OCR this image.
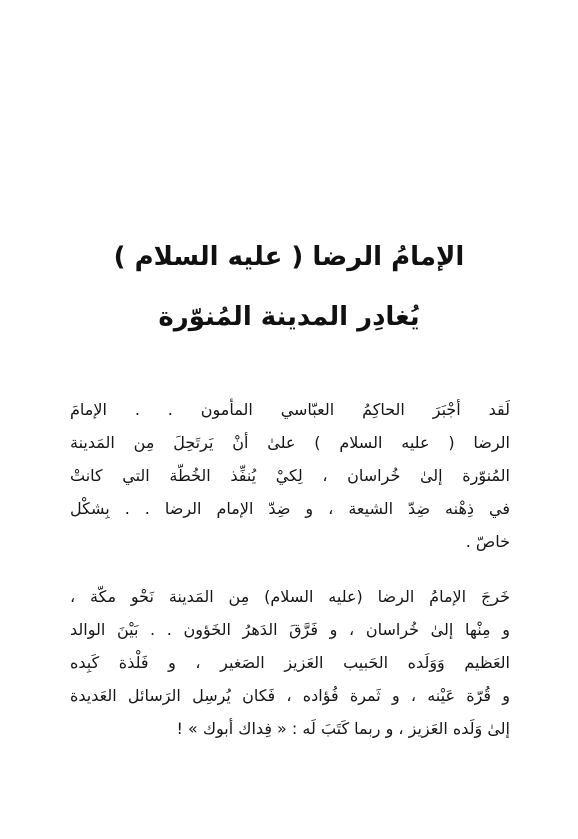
الإمامُ الرضا ( عليه السلام )
يُغادِر المدينة المُنوّرة
لَقد أجْبَرَ الحاكِمُ العبّاسي المأمون . . الإمامَ
الرضا ( عليه السلام ) علىٰ أنْ يَرتَحِلَ مِن المَدينة
المُنوّرة إلىٰ خُراسان ، لِكيْ يُنفِّذ الخُطّة التي كانتْ
في ذِهْنه ضِدّ الشيعة ، و ضِدّ الإمام الرضا . . بِشكْل
خاصّ .
خَرجَ الإمامُ الرضا (عليه السلام) مِن المَدينة نَحْو مكّة ،
و مِنْها إلىٰ خُراسان ، و فَرَّقَ الدَهرُ الخَؤون . . بَيْنَ الوالد
العَظيم وَوَلَده الحَبيب العَزيز الصَغير ، و فَلْذة كَبِده
و قُرّة عَيْنه ، و ثَمرة فُؤاده ، فَكان يُرسِل الرَسائل العَديدة
إلىٰ وَلَده العَزيز ، و ربما كَتَبَ لَه : « فِداك أبوك » !
